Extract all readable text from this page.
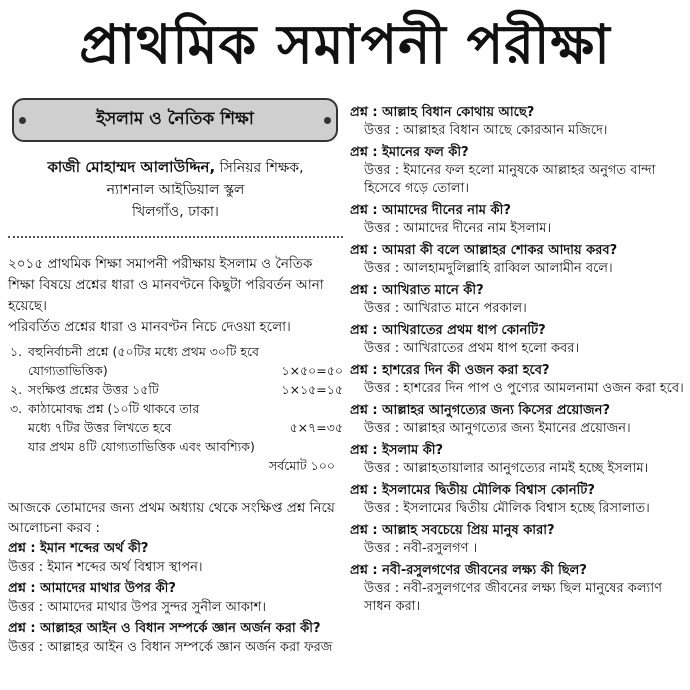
প্রাথমিক সমাপনী পরীক্ষা
ইসলাম ও নৈতিক শিক্ষা
কাজী মোহাম্মদ আলাউদ্দিন, সিনিয়র শিক্ষক,
ন্যাশনাল আইডিয়াল স্কুল
খিলগাঁও, ঢাকা।

২০১৫ প্রাথমিক শিক্ষা সমাপনী পরীক্ষায় ইসলাম ও নৈতিক শিক্ষা বিষয়ে প্রশ্নের ধারা ও মানবণ্টনে কিছুটা পরিবর্তন আনা হয়েছে।

পরিবর্তিত প্রশ্নের ধারা ও মানবণ্টন নিচে দেওয়া হলো।

১. বহুনির্বাচনী প্রশ্নে (৫০টির মধ্যে প্রথম ৩০টি হবে
যোগ্যতাভিত্তিক)	১×৫০=৫০
২. সংক্ষিপ্ত প্রশ্নের উত্তর ১৫টি	১×১৫=১৫
৩. কাঠামোবদ্ধ প্রশ্ন (১০টি থাকবে তার
মধ্যে ৭টির উত্তর লিখতে হবে	৫×৭=৩৫
যার প্রথম ৪টি যোগ্যতাভিত্তিক এবং আবশ্যিক)
সর্বমোট ১০০

আজকে তোমাদের জন্য প্রথম অধ্যায় থেকে সংক্ষিপ্ত প্রশ্ন নিয়ে আলোচনা করব :

প্রশ্ন : ইমান শব্দের অর্থ কী?
উত্তর : ইমান শব্দের অর্থ বিশ্বাস স্থাপন।
প্রশ্ন : আমাদের মাথার উপর কী?
উত্তর : আমাদের মাথার উপর সুন্দর সুনীল আকাশ।
প্রশ্ন : আল্লাহর আইন ও বিধান সম্পর্কে জ্ঞান অর্জন করা কী?
উত্তর : আল্লাহর আইন ও বিধান সম্পর্কে জ্ঞান অর্জন করা ফরজ
প্রশ্ন : আল্লাহ বিধান কোথায় আছে?
উত্তর : আল্লাহর বিধান আছে কোরআন মজিদে।
প্রশ্ন : ইমানের ফল কী?
উত্তর : ইমানের ফল হলো মানুষকে আল্লাহর অনুগত বান্দা হিসেবে গড়ে তোলা।
প্রশ্ন : আমাদের দীনের নাম কী?
উত্তর : আমাদের দীনের নাম ইসলাম।
প্রশ্ন : আমরা কী বলে আল্লাহর শোকর আদায় করব?
উত্তর : আলহামদুলিল্লাহি রাব্বিল আলামীন বলে।
প্রশ্ন : আখিরাত মানে কী?
উত্তর : আখিরাত মানে পরকাল।
প্রশ্ন : আখিরাতের প্রথম ধাপ কোনটি?
উত্তর : আখিরাতের প্রথম ধাপ হলো কবর।
প্রশ্ন : হাশরের দিন কী ওজন করা হবে?
উত্তর : হাশরের দিন পাপ ও পুণ্যের আমলনামা ওজন করা হবে।
প্রশ্ন : আল্লাহর আনুগত্যের জন্য কিসের প্রয়োজন?
উত্তর : আল্লাহর আনুগত্যের জন্য ইমানের প্রয়োজন।
প্রশ্ন : ইসলাম কী?
উত্তর : আল্লাহতায়ালার আনুগত্যের নামই হচ্ছে ইসলাম।
প্রশ্ন : ইসলামের দ্বিতীয় মৌলিক বিশ্বাস কোনটি?
উত্তর : ইসলামের দ্বিতীয় মৌলিক বিশ্বাস হচ্ছে রিসালাত।
প্রশ্ন : আল্লাহ সবচেয়ে প্রিয় মানুষ কারা?
উত্তর : নবী-রসুলগণ ।
প্রশ্ন : নবী-রসুলগণের জীবনের লক্ষ্য কী ছিল?
উত্তর : নবী-রসুলগণের জীবনের লক্ষ্য ছিল মানুষের কল্যাণ সাধন করা।
